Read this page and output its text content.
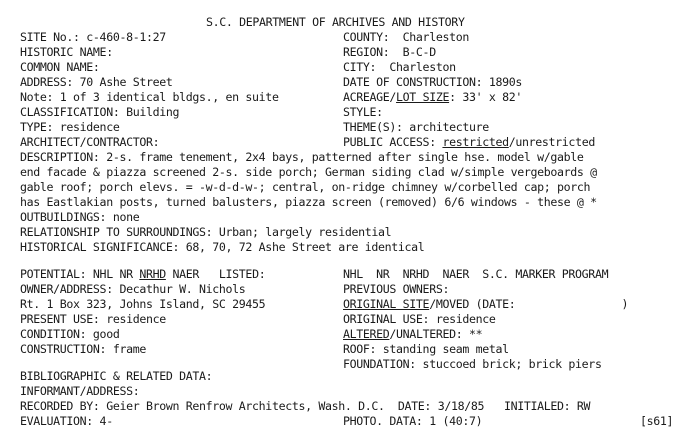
S.C. DEPARTMENT OF ARCHIVES AND HISTORY
SITE No.: c-460-8-1:27
HISTORIC NAME:
COMMON NAME:
ADDRESS: 70 Ashe Street
Note: 1 of 3 identical bldgs., en suite
CLASSIFICATION: Building
TYPE: residence
ARCHITECT/CONTRACTOR:
COUNTY:  Charleston
REGION:  B-C-D
CITY:  Charleston
DATE OF CONSTRUCTION: 1890s
ACREAGE/LOT SIZE: 33' x 82'
STYLE:
THEME(S): architecture
PUBLIC ACCESS: restricted/unrestricted
DESCRIPTION: 2-s. frame tenement, 2x4 bays, patterned after single hse. model w/gable
end facade & piazza screened 2-s. side porch; German siding clad w/simple vergeboards @
gable roof; porch elevs. = -w-d-d-w-; central, on-ridge chimney w/corbelled cap; porch
has Eastlakian posts, turned balusters, piazza screen (removed) 6/6 windows - these @ *
OUTBUILDINGS: none
RELATIONSHIP TO SURROUNDINGS: Urban; largely residential
HISTORICAL SIGNIFICANCE: 68, 70, 72 Ashe Street are identical
POTENTIAL: NHL NR NRHD NAER   LISTED:
OWNER/ADDRESS: Decathur W. Nichols
Rt. 1 Box 323, Johns Island, SC 29455
PRESENT USE: residence
CONDITION: good
CONSTRUCTION: frame
NHL  NR  NRHD  NAER  S.C. MARKER PROGRAM
PREVIOUS OWNERS:
ORIGINAL SITE/MOVED (DATE:                )
ORIGINAL USE: residence
ALTERED/UNALTERED: **
ROOF: standing seam metal
FOUNDATION: stuccoed brick; brick piers
BIBLIOGRAPHIC & RELATED DATA:
INFORMANT/ADDRESS:
RECORDED BY: Geier Brown Renfrow Architects, Wash. D.C.  DATE: 3/18/85   INITIALED: RW
EVALUATION: 4-	PHOTO. DATA: 1 (40:7)	[s61]
